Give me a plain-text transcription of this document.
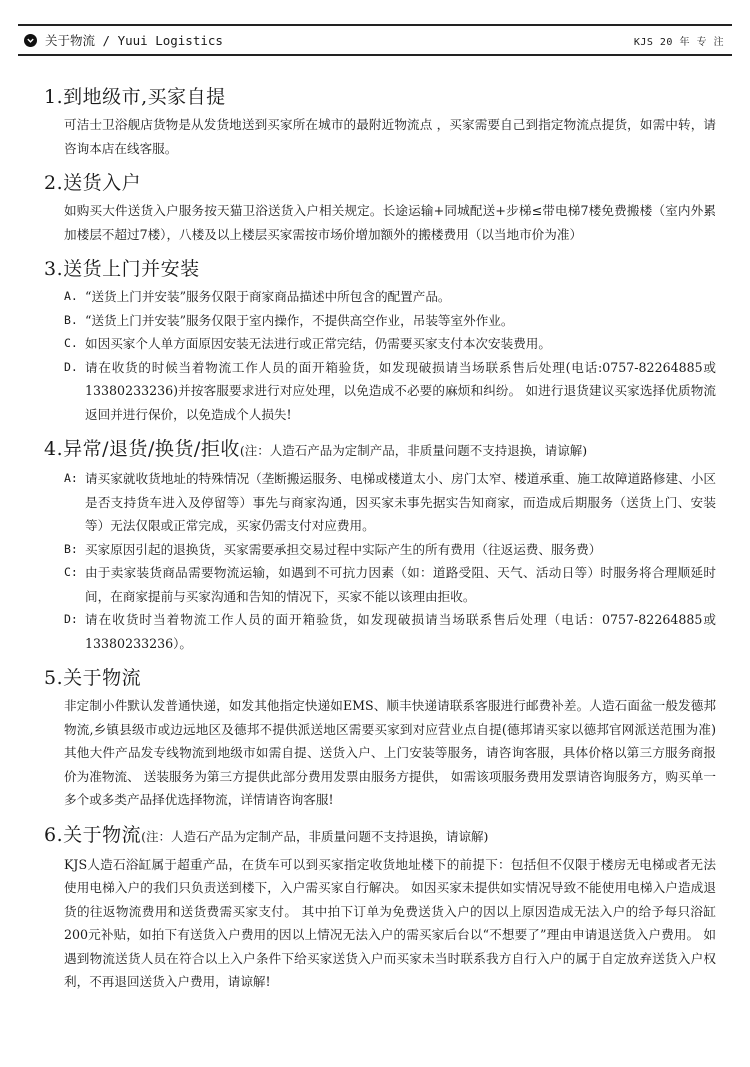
关于物流 / Yuui Logistics	KJS 20 年 专 注
1.到地级市,买家自提
可洁士卫浴舰店货物是从发货地送到买家所在城市的最附近物流点 ，买家需要自己到指定物流点提货，如需中转，请咨询本店在线客服。
2.送货入户
如购买大件送货入户服务按天猫卫浴送货入户相关规定。长途运输+同城配送+步梯≤带电梯7楼免费搬楼（室内外累加楼层不超过7楼），八楼及以上楼层买家需按市场价增加额外的搬楼费用（以当地市价为准）
3.送货上门并安装
A. “送货上门并安装”服务仅限于商家商品描述中所包含的配置产品。
B. “送货上门并安装”服务仅限于室内操作，不提供高空作业，吊装等室外作业。
C. 如因买家个人单方面原因安装无法进行或正常完结，仍需要买家支付本次安装费用。
D. 请在收货的时候当着物流工作人员的面开箱验货，如发现破损请当场联系售后处理(电话:0757-82264885或13380233236)并按客服要求进行对应处理，以免造成不必要的麻烦和纠纷。 如进行退货建议买家选择优质物流返回并进行保价，以免造成个人损失!
4.异常/退货/换货/拒收(注：人造石产品为定制产品，非质量问题不支持退换，请谅解)
A: 请买家就收货地址的特殊情况（垄断搬运服务、电梯或楼道太小、房门太窄、楼道承重、施工故障道路修建、小区是否支持货车进入及停留等）事先与商家沟通，因买家未事先据实告知商家，而造成后期服务（送货上门、安装等）无法仅限或正常完成，买家仍需支付对应费用。
B: 买家原因引起的退换货，买家需要承担交易过程中实际产生的所有费用（往返运费、服务费）
C: 由于卖家装货商品需要物流运输，如遇到不可抗力因素（如：道路受阻、天气、活动日等）时服务将合理顺延时间，在商家提前与买家沟通和告知的情况下，买家不能以该理由拒收。
D: 请在收货时当着物流工作人员的面开箱验货，如发现破损请当场联系售后处理（电话：0757-82264885或13380233236）。
5.关于物流
非定制小件默认发普通快递，如发其他指定快递如EMS、顺丰快递请联系客服进行邮费补差。人造石面盆一般发德邦物流,乡镇县级市或边远地区及德邦不提供派送地区需要买家到对应营业点自提(德邦请买家以德邦官网派送范围为准) 其他大件产品发专线物流到地级市如需自提、送货入户、上门安装等服务，请咨询客服，具体价格以第三方服务商报价为准物流、 送装服务为第三方提供此部分费用发票由服务方提供， 如需该项服务费用发票请咨询服务方，购买单一多个或多类产品择优选择物流，详情请咨询客服!
6.关于物流(注：人造石产品为定制产品，非质量问题不支持退换，请谅解)
KJS人造石浴缸属于超重产品，在货车可以到买家指定收货地址楼下的前提下：包括但不仅限于楼房无电梯或者无法使用电梯入户的我们只负责送到楼下，入户需买家自行解决。 如因买家未提供如实情况导致不能使用电梯入户造成退货的往返物流费用和送货费需买家支付。 其中拍下订单为免费送货入户的因以上原因造成无法入户的给予每只浴缸200元补贴，如拍下有送货入户费用的因以上情况无法入户的需买家后台以“不想要了”理由申请退送货入户费用。 如遇到物流送货人员在符合以上入户条件下给买家送货入户而买家未当时联系我方自行入户的属于自定放弃送货入户权利，不再退回送货入户费用，请谅解!
